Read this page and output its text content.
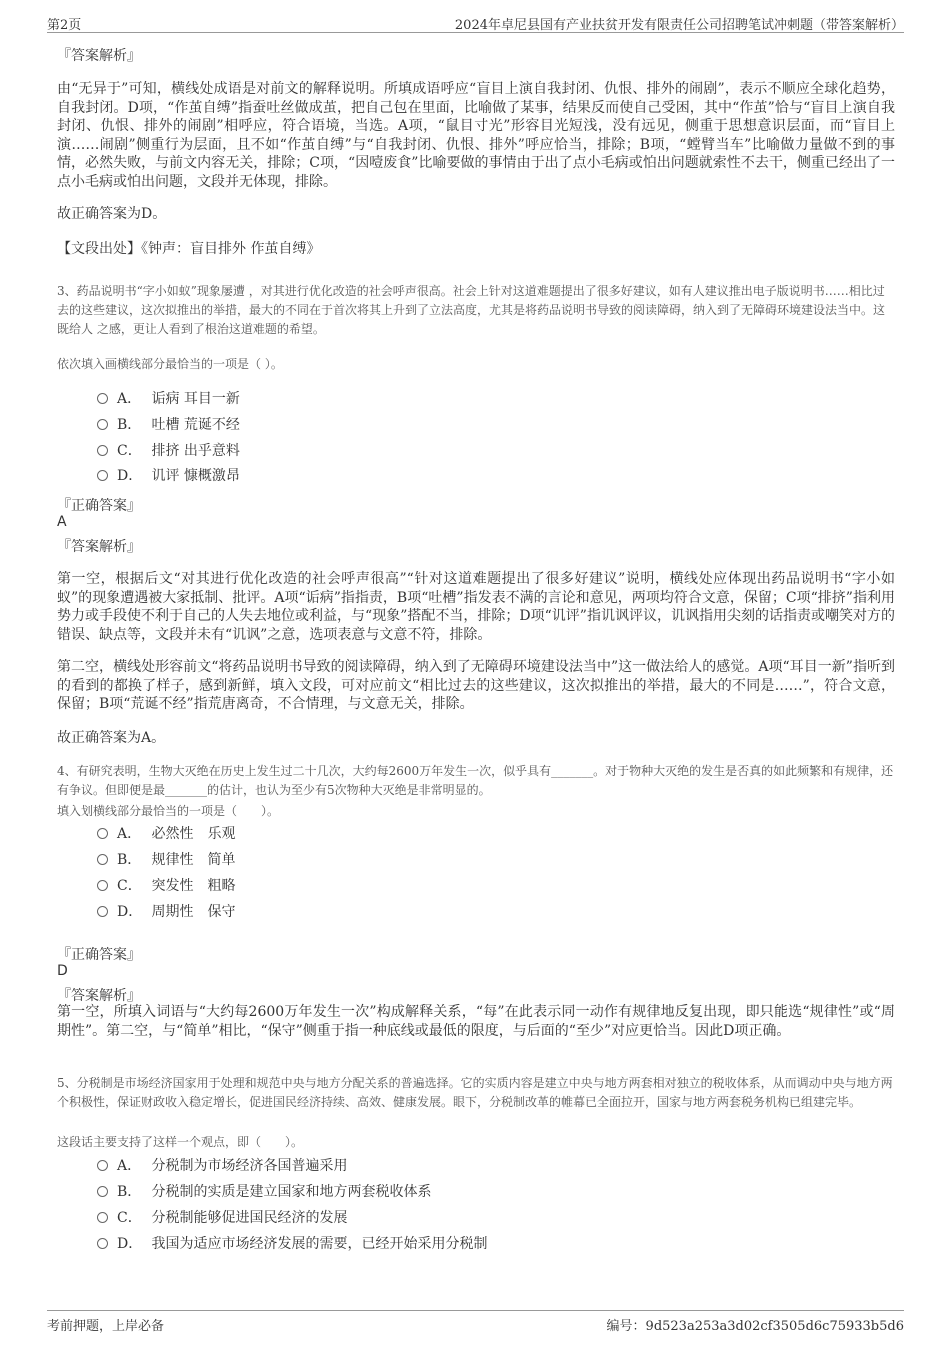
第2页	2024年卓尼县国有产业扶贫开发有限责任公司招聘笔试冲刺题（带答案解析）
『答案解析』
由“无异于”可知，横线处成语是对前文的解释说明。所填成语呼应“盲目上演自我封闭、仇恨、排外的闹剧”，表示不顺应全球化趋势，自我封闭。D项，“作茧自缚”指蚕吐丝做成茧，把自己包在里面，比喻做了某事，结果反而使自己受困，其中“作茧”恰与“盲目上演自我封闭、仇恨、排外的闹剧”相呼应，符合语境，当选。A项，“鼠目寸光”形容目光短浅，没有远见，侧重于思想意识层面，而“盲目上演……闹剧”侧重行为层面，且不如“作茧自缚”与“自我封闭、仇恨、排外”呼应恰当，排除；B项，“螳臂当车”比喻做力量做不到的事情，必然失败，与前文内容无关，排除；C项，“因噎废食”比喻要做的事情由于出了点小毛病或怕出问题就索性不去干，侧重已经出了一点小毛病或怕出问题，文段并无体现，排除。
故正确答案为D。
【文段出处】《钟声：盲目排外 作茧自缚》
3、药品说明书“字小如蚁”现象屡遭 ，对其进行优化改造的社会呼声很高。社会上针对这道难题提出了很多好建议，如有人建议推出电子版说明书……相比过去的这些建议，这次拟推出的举措，最大的不同在于首次将其上升到了立法高度，尤其是将药品说明书导致的阅读障碍，纳入到了无障碍环境建设法当中。这既给人 之感，更让人看到了根治这道难题的希望。
依次填入画横线部分最恰当的一项是（ ）。
A． 诟病 耳目一新
B． 吐槽 荒诞不经
C． 排挤 出乎意料
D． 讥评 慷概激昂
『正确答案』
A
『答案解析』
第一空，根据后文“对其进行优化改造的社会呼声很高”“针对这道难题提出了很多好建议”说明，横线处应体现出药品说明书“字小如蚁”的现象遭遇被大家抵制、批评。A项“诟病”指指责，B项“吐槽”指发表不满的言论和意见，两项均符合文意，保留；C项“排挤”指利用势力或手段使不利于自己的人失去地位或利益，与“现象”搭配不当，排除；D项“讥评”指讥讽评议，讥讽指用尖刻的话指责或嘲笑对方的错误、缺点等，文段并未有“讥讽”之意，选项表意与文意不符，排除。
第二空，横线处形容前文“将药品说明书导致的阅读障碍，纳入到了无障碍环境建设法当中”这一做法给人的感觉。A项“耳目一新”指听到的看到的都换了样子，感到新鲜，填入文段，可对应前文“相比过去的这些建议，这次拟推出的举措，最大的不同是……”，符合文意，保留；B项“荒诞不经”指荒唐离奇，不合情理，与文意无关，排除。
故正确答案为A。
4、有研究表明，生物大灭绝在历史上发生过二十几次，大约每2600万年发生一次，似乎具有_______。对于物种大灭绝的发生是否真的如此频繁和有规律，还有争议。但即便是最_______的估计，也认为至少有5次物种大灭绝是非常明显的。
填入划横线部分最恰当的一项是（　　）。
A． 必然性　乐观
B． 规律性　简单
C． 突发性　粗略
D． 周期性　保守
『正确答案』
D
『答案解析』
第一空，所填入词语与“大约每2600万年发生一次”构成解释关系，“每”在此表示同一动作有规律地反复出现，即只能选“规律性”或“周期性”。第二空，与“简单”相比，“保守”侧重于指一种底线或最低的限度，与后面的“至少”对应更恰当。因此D项正确。
5、分税制是市场经济国家用于处理和规范中央与地方分配关系的普遍选择。它的实质内容是建立中央与地方两套相对独立的税收体系，从而调动中央与地方两个积极性，保证财政收入稳定增长，促进国民经济持续、高效、健康发展。眼下，分税制改革的帷幕已全面拉开，国家与地方两套税务机构已组建完毕。
这段话主要支持了这样一个观点，即（　　）。
A． 分税制为市场经济各国普遍采用
B． 分税制的实质是建立国家和地方两套税收体系
C． 分税制能够促进国民经济的发展
D． 我国为适应市场经济发展的需要，已经开始采用分税制
考前押题，上岸必备	编号：9d523a253a3d02cf3505d6c75933b5d6
